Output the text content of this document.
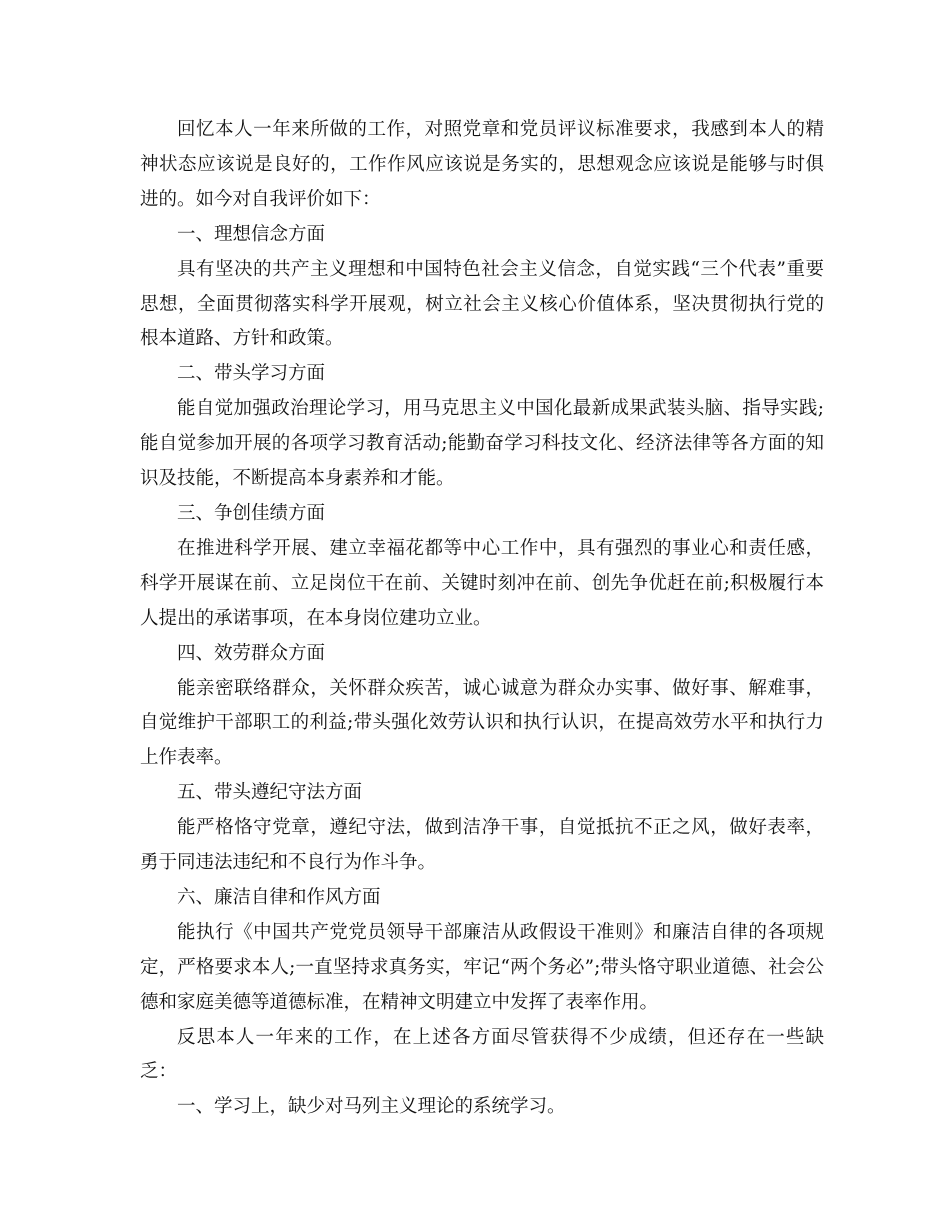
回忆本人一年来所做的工作，对照党章和党员评议标准要求，我感到本人的精神状态应该说是良好的，工作作风应该说是务实的，思想观念应该说是能够与时俱进的。如今对自我评价如下：

一、理想信念方面

具有坚决的共产主义理想和中国特色社会主义信念，自觉实践“三个代表”重要思想，全面贯彻落实科学开展观，树立社会主义核心价值体系，坚决贯彻执行党的根本道路、方针和政策。

二、带头学习方面

能自觉加强政治理论学习，用马克思主义中国化最新成果武装头脑、指导实践;能自觉参加开展的各项学习教育活动;能勤奋学习科技文化、经济法律等各方面的知识及技能，不断提高本身素养和才能。

三、争创佳绩方面

在推进科学开展、建立幸福花都等中心工作中，具有强烈的事业心和责任感，科学开展谋在前、立足岗位干在前、关键时刻冲在前、创先争优赶在前;积极履行本人提出的承诺事项，在本身岗位建功立业。

四、效劳群众方面

能亲密联络群众，关怀群众疾苦，诚心诚意为群众办实事、做好事、解难事，自觉维护干部职工的利益;带头强化效劳认识和执行认识，在提高效劳水平和执行力上作表率。

五、带头遵纪守法方面

能严格恪守党章，遵纪守法，做到洁净干事，自觉抵抗不正之风，做好表率，勇于同违法违纪和不良行为作斗争。

六、廉洁自律和作风方面

能执行《中国共产党党员领导干部廉洁从政假设干准则》和廉洁自律的各项规定，严格要求本人;一直坚持求真务实，牢记“两个务必”;带头恪守职业道德、社会公德和家庭美德等道德标准，在精神文明建立中发挥了表率作用。

反思本人一年来的工作，在上述各方面尽管获得不少成绩，但还存在一些缺乏：

一、学习上，缺少对马列主义理论的系统学习。
